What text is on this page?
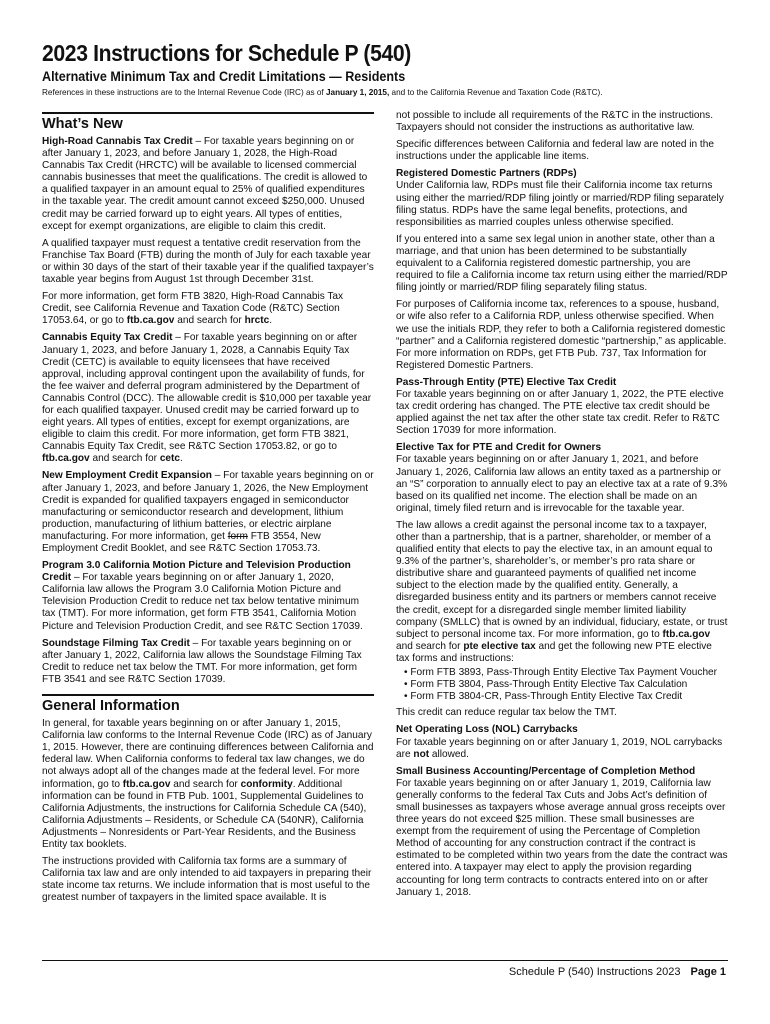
2023 Instructions for Schedule P (540)
Alternative Minimum Tax and Credit Limitations — Residents
References in these instructions are to the Internal Revenue Code (IRC) as of January 1, 2015, and to the California Revenue and Taxation Code (R&TC).
What’s New

High-Road Cannabis Tax Credit – For taxable years beginning on or after January 1, 2023, and before January 1, 2028, the High-Road Cannabis Tax Credit (HRCTC) will be available to licensed commercial cannabis businesses that meet the qualifications. The credit is allowed to a qualified taxpayer in an amount equal to 25% of qualified expenditures in the taxable year. The credit amount cannot exceed $250,000. Unused credit may be carried forward up to eight years. All types of entities, except for exempt organizations, are eligible to claim this credit.

A qualified taxpayer must request a tentative credit reservation from the Franchise Tax Board (FTB) during the month of July for each taxable year or within 30 days of the start of their taxable year if the qualified taxpayer’s taxable year begins from August 1st through December 31st.

For more information, get form FTB 3820, High-Road Cannabis Tax Credit, see California Revenue and Taxation Code (R&TC) Section 17053.64, or go to ftb.ca.gov and search for hrctc.

Cannabis Equity Tax Credit – For taxable years beginning on or after January 1, 2023, and before January 1, 2028, a Cannabis Equity Tax Credit (CETC) is available to equity licensees that have received approval, including approval contingent upon the availability of funds, for the fee waiver and deferral program administered by the Department of Cannabis Control (DCC). The allowable credit is $10,000 per taxable year for each qualified taxpayer. Unused credit may be carried forward up to eight years. All types of entities, except for exempt organizations, are eligible to claim this credit. For more information, get form FTB 3821, Cannabis Equity Tax Credit, see R&TC Section 17053.82, or go to ftb.ca.gov and search for cetc.

New Employment Credit Expansion – For taxable years beginning on or after January 1, 2023, and before January 1, 2026, the New Employment Credit is expanded for qualified taxpayers engaged in semiconductor manufacturing or semiconductor research and development, lithium production, manufacturing of lithium batteries, or electric airplane manufacturing. For more information, get form FTB 3554, New Employment Credit Booklet, and see R&TC Section 17053.73.

Program 3.0 California Motion Picture and Television Production Credit – For taxable years beginning on or after January 1, 2020, California law allows the Program 3.0 California Motion Picture and Television Production Credit to reduce net tax below tentative minimum tax (TMT). For more information, get form FTB 3541, California Motion Picture and Television Production Credit, and see R&TC Section 17039.

Soundstage Filming Tax Credit – For taxable years beginning on or after January 1, 2022, California law allows the Soundstage Filming Tax Credit to reduce net tax below the TMT. For more information, get form FTB 3541 and see R&TC Section 17039.

General Information

In general, for taxable years beginning on or after January 1, 2015, California law conforms to the Internal Revenue Code (IRC) as of January 1, 2015. However, there are continuing differences between California and federal law. When California conforms to federal tax law changes, we do not always adopt all of the changes made at the federal level. For more information, go to ftb.ca.gov and search for conformity. Additional information can be found in FTB Pub. 1001, Supplemental Guidelines to California Adjustments, the instructions for California Schedule CA (540), California Adjustments – Residents, or Schedule CA (540NR), California Adjustments – Nonresidents or Part-Year Residents, and the Business Entity tax booklets.

The instructions provided with California tax forms are a summary of California tax law and are only intended to aid taxpayers in preparing their state income tax returns. We include information that is most useful to the greatest number of taxpayers in the limited space available. It is

not possible to include all requirements of the R&TC in the instructions. Taxpayers should not consider the instructions as authoritative law.

Specific differences between California and federal law are noted in the instructions under the applicable line items.

Registered Domestic Partners (RDPs)

Under California law, RDPs must file their California income tax returns using either the married/RDP filing jointly or married/RDP filing separately filing status. RDPs have the same legal benefits, protections, and responsibilities as married couples unless otherwise specified.

If you entered into a same sex legal union in another state, other than a marriage, and that union has been determined to be substantially equivalent to a California registered domestic partnership, you are required to file a California income tax return using either the married/RDP filing jointly or married/RDP filing separately filing status.

For purposes of California income tax, references to a spouse, husband, or wife also refer to a California RDP, unless otherwise specified. When we use the initials RDP, they refer to both a California registered domestic “partner” and a California registered domestic “partnership,” as applicable. For more information on RDPs, get FTB Pub. 737, Tax Information for Registered Domestic Partners.

Pass-Through Entity (PTE) Elective Tax Credit

For taxable years beginning on or after January 1, 2022, the PTE elective tax credit ordering has changed. The PTE elective tax credit should be applied against the net tax after the other state tax credit. Refer to R&TC Section 17039 for more information.

Elective Tax for PTE and Credit for Owners

For taxable years beginning on or after January 1, 2021, and before January 1, 2026, California law allows an entity taxed as a partnership or an “S” corporation to annually elect to pay an elective tax at a rate of 9.3% based on its qualified net income. The election shall be made on an original, timely filed return and is irrevocable for the taxable year.

The law allows a credit against the personal income tax to a taxpayer, other than a partnership, that is a partner, shareholder, or member of a qualified entity that elects to pay the elective tax, in an amount equal to 9.3% of the partner’s, shareholder’s, or member’s pro rata share or distributive share and guaranteed payments of qualified net income subject to the election made by the qualified entity. Generally, a disregarded business entity and its partners or members cannot receive the credit, except for a disregarded single member limited liability company (SMLLC) that is owned by an individual, fiduciary, estate, or trust subject to personal income tax. For more information, go to ftb.ca.gov and search for pte elective tax and get the following new PTE elective tax forms and instructions:

• Form FTB 3893, Pass-Through Entity Elective Tax Payment Voucher
• Form FTB 3804, Pass-Through Entity Elective Tax Calculation
• Form FTB 3804-CR, Pass-Through Entity Elective Tax Credit

This credit can reduce regular tax below the TMT.

Net Operating Loss (NOL) Carrybacks

For taxable years beginning on or after January 1, 2019, NOL carrybacks are not allowed.

Small Business Accounting/Percentage of Completion Method

For taxable years beginning on or after January 1, 2019, California law generally conforms to the federal Tax Cuts and Jobs Act’s definition of small businesses as taxpayers whose average annual gross receipts over three years do not exceed $25 million. These small businesses are exempt from the requirement of using the Percentage of Completion Method of accounting for any construction contract if the contract is estimated to be completed within two years from the date the contract was entered into. A taxpayer may elect to apply the provision regarding accounting for long term contracts to contracts entered into on or after January 1, 2018.

Schedule P (540) Instructions 2023 Page 1
